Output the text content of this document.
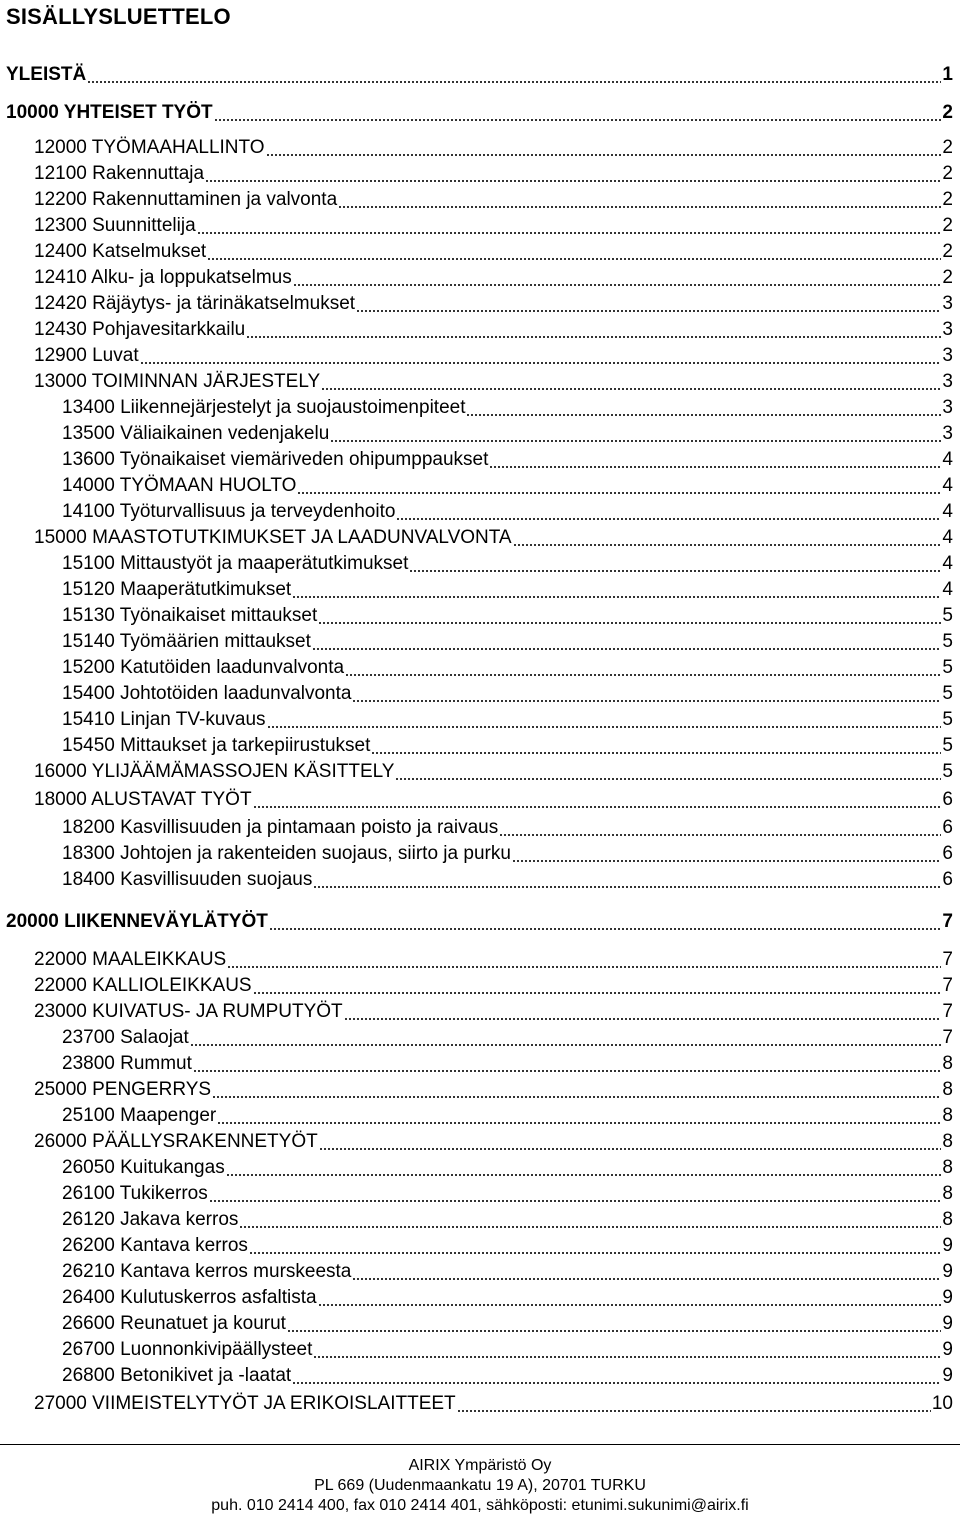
SISÄLLYSLUETTELO
YLEISTÄ	1
10000 YHTEISET TYÖT	2
12000 TYÖMAAHALLINTO	2
12100 Rakennuttaja	2
12200 Rakennuttaminen ja valvonta	2
12300 Suunnittelija	2
12400 Katselmukset	2
12410 Alku- ja loppukatselmus	2
12420 Räjäytys- ja tärinäkatselmukset	3
12430 Pohjavesitarkkailu	3
12900 Luvat	3
13000 TOIMINNAN JÄRJESTELY	3
13400 Liikennejärjestelyt ja suojaustoimenpiteet	3
13500 Väliaikainen vedenjakelu	3
13600 Työnaikaiset viemäriveden ohipumppaukset	4
14000 TYÖMAAN HUOLTO	4
14100 Työturvallisuus ja terveydenhoito	4
15000 MAASTOTUTKIMUKSET JA LAADUNVALVONTA	4
15100 Mittaustyöt ja maaperätutkimukset	4
15120 Maaperätutkimukset	4
15130 Työnaikaiset mittaukset	5
15140 Työmäärien mittaukset	5
15200 Katutöiden laadunvalvonta	5
15400 Johtotöiden laadunvalvonta	5
15410 Linjan TV-kuvaus	5
15450 Mittaukset ja tarkepiirustukset	5
16000 YLIJÄÄMÄMASSOJEN KÄSITTELY	5
18000 ALUSTAVAT TYÖT	6
18200 Kasvillisuuden ja pintamaan poisto ja raivaus	6
18300 Johtojen ja rakenteiden suojaus, siirto ja purku	6
18400 Kasvillisuuden suojaus	6
20000 LIIKENNEVÄYLÄTYÖT	7
22000 MAALEIKKAUS	7
22000 KALLIOLEIKKAUS	7
23000 KUIVATUS- JA RUMPUTYÖT	7
23700 Salaojat	7
23800 Rummut	8
25000 PENGERRYS	8
25100 Maapenger	8
26000 PÄÄLLYSRAKENNETYÖT	8
26050 Kuitukangas	8
26100 Tukikerros	8
26120 Jakava kerros	8
26200 Kantava kerros	9
26210 Kantava kerros murskeesta	9
26400 Kulutuskerros asfaltista	9
26600 Reunatuet ja kourut	9
26700 Luonnonkivipäällysteet	9
26800 Betonikivet ja -laatat	9
27000 VIIMEISTELYTYÖT JA ERIKOISLAITTEET	10
AIRIX Ympäristö Oy
PL 669 (Uudenmaankatu 19 A), 20701 TURKU
puh. 010 2414 400, fax 010 2414 401, sähköposti: etunimi.sukunimi@airix.fi
